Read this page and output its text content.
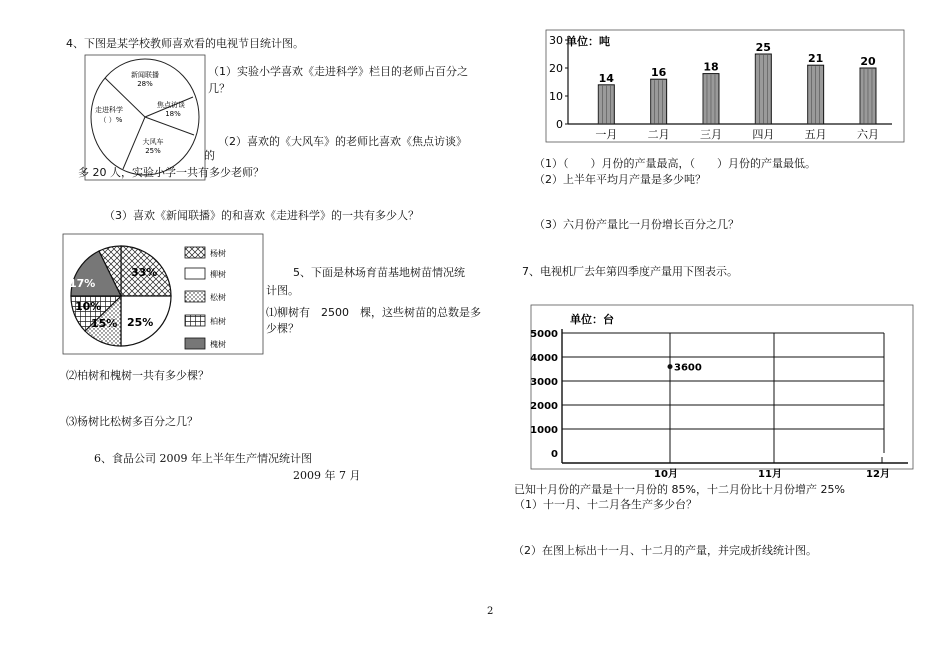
4、下图是某学校教师喜欢看的电视节目统计图。
新闻联播
28%
焦点访谈
18%
走进科学
（ ）%
大风车
25%
（1）实验小学喜欢《走进科学》栏目的老师占百分之
几？
（2）喜欢的《大风车》的老师比喜欢《焦点访谈》
的
多 20 人，实验小学一共有多少老师？
（3）喜欢《新闻联播》的和喜欢《走进科学》的一共有多少人？
33%
25%
15%
10%
17%
杨树
柳树
松树
柏树
槐树
5、下面是林场育苗基地树苗情况统
计图。
⑴柳树有　2500　棵，这些树苗的总数是多
少棵？
⑵柏树和槐树一共有多少棵？
⑶杨树比松树多百分之几？
6、食品公司 2009 年上半年生产情况统计图
2009 年 7 月
单位：吨
0
10
20
30
一月	二月	三月	四月	五月	六月
14	16	18
25
21	20
（1）（　　）月份的产量最高，（　　）月份的产量最低。
（2）上半年平均月产量是多少吨？
（3）六月份产量比一月份增长百分之几？
7、电视机厂去年第四季度产量用下图表示。
单位：台
0
1000
2000
3000
4000
5000
10月	11月	12月
3600
已知十月份的产量是十一月份的 85%，十二月份比十月份增产 25%
（1）十一月、十二月各生产多少台？
（2）在图上标出十一月、十二月的产量，并完成折线统计图。
2
